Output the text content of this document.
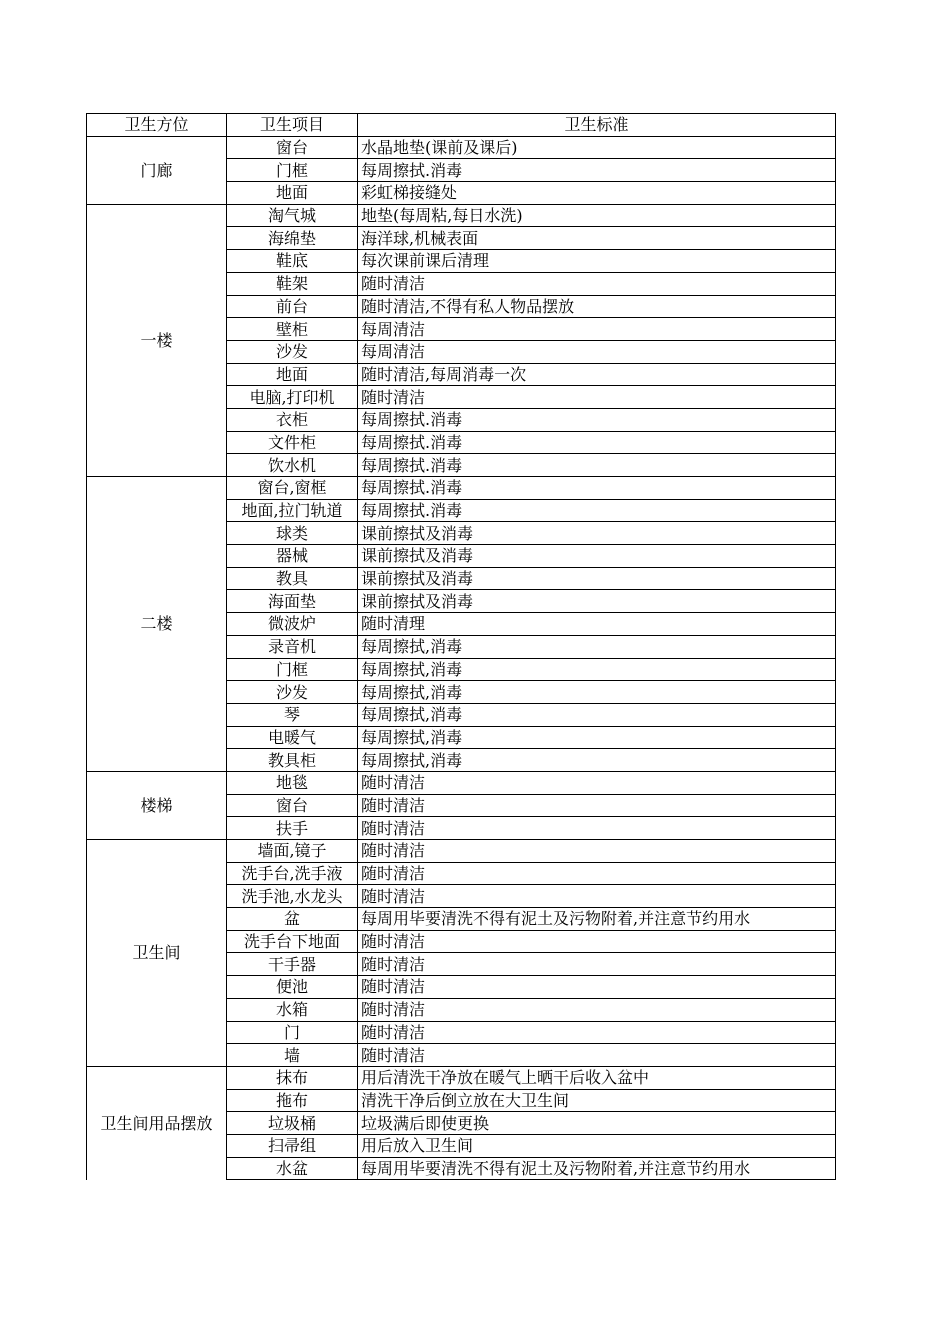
卫生方位	卫生项目	卫生标准
门廊	窗台	水晶地垫(课前及课后)
	门框	每周擦拭.消毒
	地面	彩虹梯接缝处
一楼	淘气城	地垫(每周粘,每日水洗)
	海绵垫	海洋球,机械表面
	鞋底	每次课前课后清理
	鞋架	随时清洁
	前台	随时清洁,不得有私人物品摆放
	壁柜	每周清洁
	沙发	每周清洁
	地面	随时清洁,每周消毒一次
	电脑,打印机	随时清洁
	衣柜	每周擦拭.消毒
	文件柜	每周擦拭.消毒
	饮水机	每周擦拭.消毒
二楼	窗台,窗框	每周擦拭.消毒
	地面,拉门轨道	每周擦拭.消毒
	球类	课前擦拭及消毒
	器械	课前擦拭及消毒
	教具	课前擦拭及消毒
	海面垫	课前擦拭及消毒
	微波炉	随时清理
	录音机	每周擦拭,消毒
	门框	每周擦拭,消毒
	沙发	每周擦拭,消毒
	琴	每周擦拭,消毒
	电暖气	每周擦拭,消毒
	教具柜	每周擦拭,消毒
楼梯	地毯	随时清洁
	窗台	随时清洁
	扶手	随时清洁
卫生间	墙面,镜子	随时清洁
	洗手台,洗手液	随时清洁
	洗手池,水龙头	随时清洁
	盆	每周用毕要清洗不得有泥土及污物附着,并注意节约用水
	洗手台下地面	随时清洁
	干手器	随时清洁
	便池	随时清洁
	水箱	随时清洁
	门	随时清洁
	墙	随时清洁
卫生间用品摆放	抹布	用后清洗干净放在暖气上晒干后收入盆中
	拖布	清洗干净后倒立放在大卫生间
	垃圾桶	垃圾满后即使更换
	扫帚组	用后放入卫生间
	水盆	每周用毕要清洗不得有泥土及污物附着,并注意节约用水
